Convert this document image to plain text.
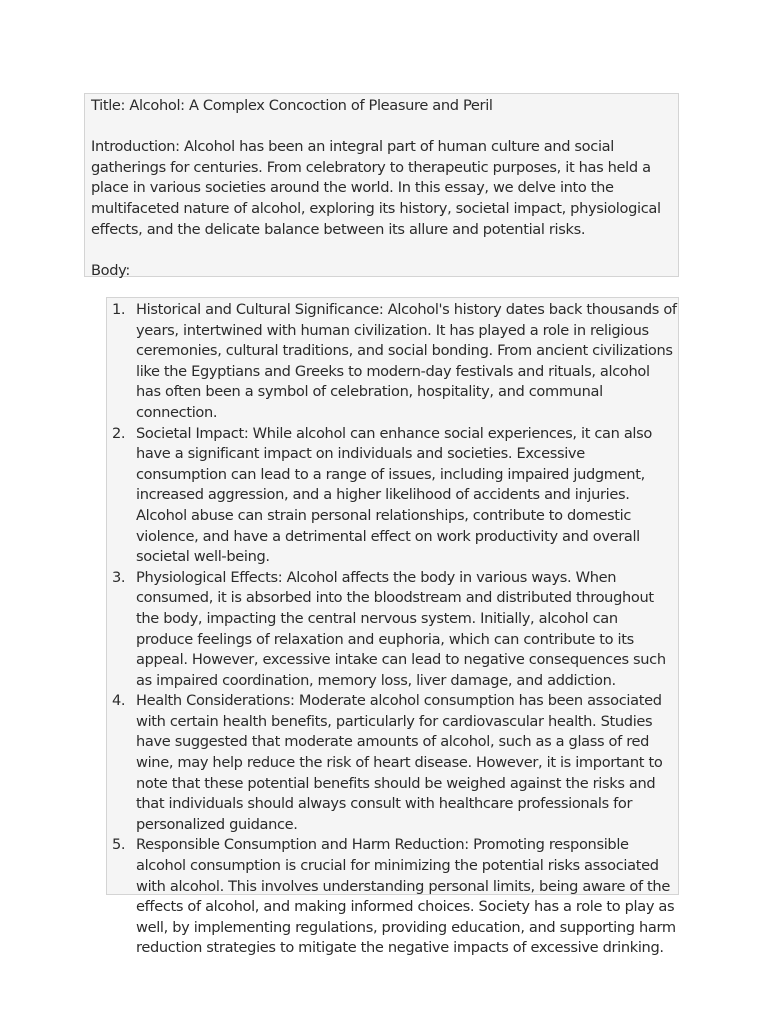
Title: Alcohol: A Complex Concoction of Pleasure and Peril

Introduction: Alcohol has been an integral part of human culture and social gatherings for centuries. From celebratory to therapeutic purposes, it has held a place in various societies around the world. In this essay, we delve into the multifaceted nature of alcohol, exploring its history, societal impact, physiological effects, and the delicate balance between its allure and potential risks.

Body:

1. Historical and Cultural Significance: Alcohol's history dates back thousands of years, intertwined with human civilization. It has played a role in religious ceremonies, cultural traditions, and social bonding. From ancient civilizations like the Egyptians and Greeks to modern-day festivals and rituals, alcohol has often been a symbol of celebration, hospitality, and communal connection.
2. Societal Impact: While alcohol can enhance social experiences, it can also have a significant impact on individuals and societies. Excessive consumption can lead to a range of issues, including impaired judgment, increased aggression, and a higher likelihood of accidents and injuries. Alcohol abuse can strain personal relationships, contribute to domestic violence, and have a detrimental effect on work productivity and overall societal well-being.
3. Physiological Effects: Alcohol affects the body in various ways. When consumed, it is absorbed into the bloodstream and distributed throughout the body, impacting the central nervous system. Initially, alcohol can produce feelings of relaxation and euphoria, which can contribute to its appeal. However, excessive intake can lead to negative consequences such as impaired coordination, memory loss, liver damage, and addiction.
4. Health Considerations: Moderate alcohol consumption has been associated with certain health benefits, particularly for cardiovascular health. Studies have suggested that moderate amounts of alcohol, such as a glass of red wine, may help reduce the risk of heart disease. However, it is important to note that these potential benefits should be weighed against the risks and that individuals should always consult with healthcare professionals for personalized guidance.
5. Responsible Consumption and Harm Reduction: Promoting responsible alcohol consumption is crucial for minimizing the potential risks associated with alcohol. This involves understanding personal limits, being aware of the effects of alcohol, and making informed choices. Society has a role to play as well, by implementing regulations, providing education, and supporting harm reduction strategies to mitigate the negative impacts of excessive drinking.
